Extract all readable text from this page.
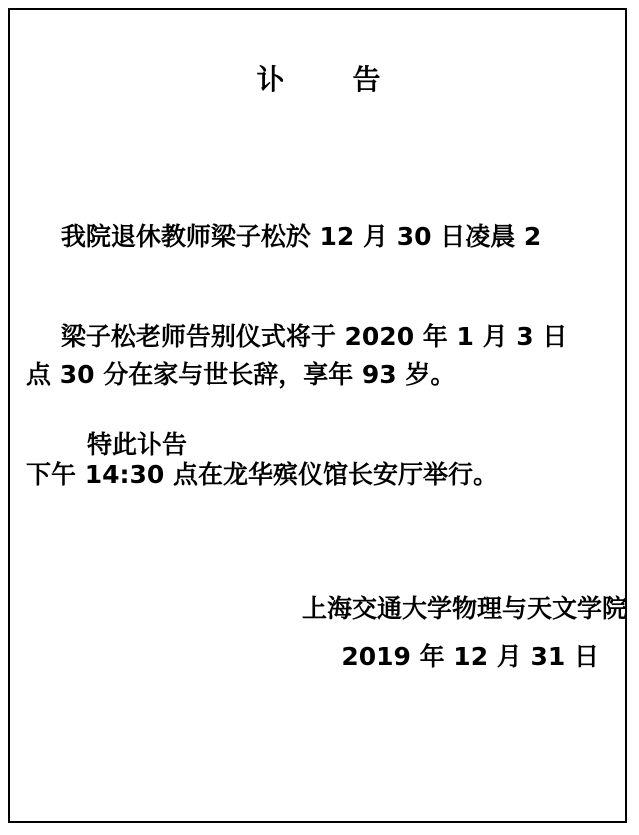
讣 告

我院退休教师梁子松於 12 月 30 日凌晨 2

点 30 分在家与世长辞，享年 93 岁。

梁子松老师告别仪式将于 2020 年 1 月 3 日

下午 14:30 点在龙华殡仪馆长安厅举行。

特此讣告
上海交通大学物理与天文学院
2019 年 12 月 31 日
